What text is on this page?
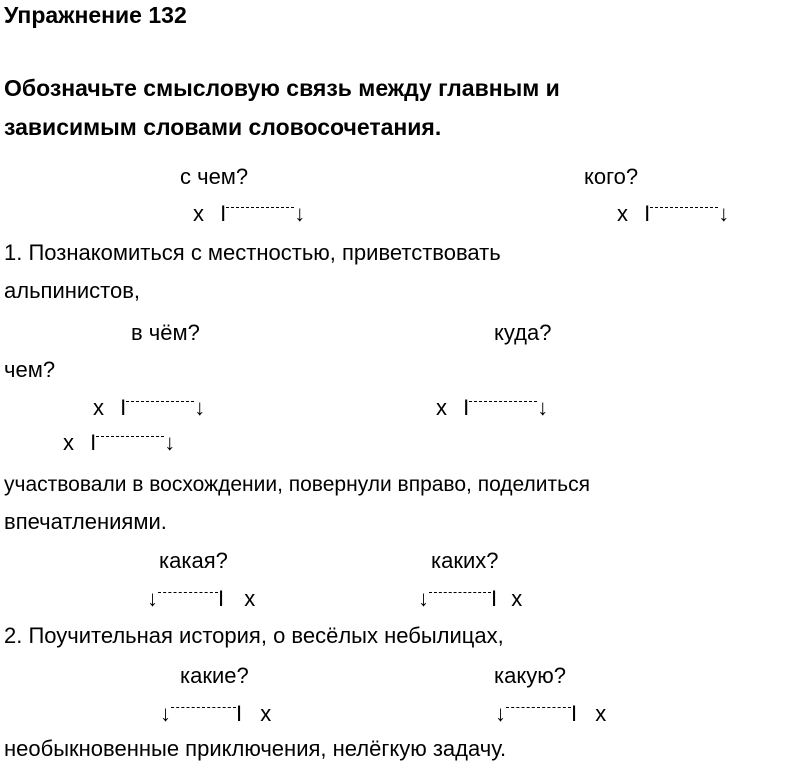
Упражнение 132
Обозначьте смысловую связь между главным и
зависимым словами словосочетания.
с чем?	кого?
x I	↓	x I	↓
1. Познакомиться с местностью, приветствовать
альпинистов,
в чём?	куда?
чем?
x I	↓	x I	↓
x I	↓
участвовали в восхождении, повернули вправо, поделиться
впечатлениями.
какая?	каких?
↓	I x	↓	I x
2. Поучительная история, о весёлых небылицах,
какие?	какую?
↓	I x	↓	I x
необыкновенные приключения, нелёгкую задачу.
